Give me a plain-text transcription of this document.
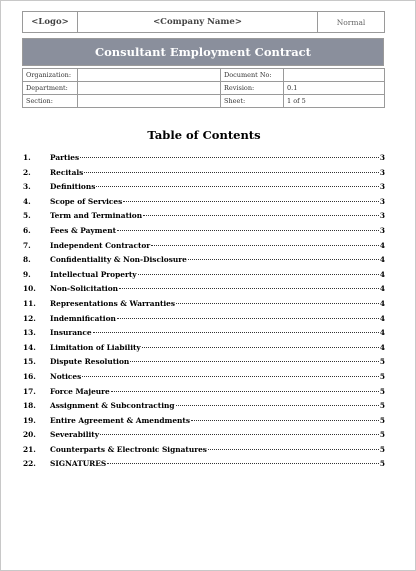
<Logo>	<Company Name>	Normal
Consultant Employment Contract
Organization:		Document No:	
Department:		Revision:	0.1
Section:		Sheet:	1 of 5
Table of Contents
1.	Parties	3
2.	Recitals	3
3.	Definitions	3
4.	Scope of Services	3
5.	Term and Termination	3
6.	Fees & Payment	3
7.	Independent Contractor	4
8.	Confidentiality & Non-Disclosure	4
9.	Intellectual Property	4
10.	Non-Solicitation	4
11.	Representations & Warranties	4
12.	Indemnification	4
13.	Insurance	4
14.	Limitation of Liability	4
15.	Dispute Resolution	5
16.	Notices	5
17.	Force Majeure	5
18.	Assignment & Subcontracting	5
19.	Entire Agreement & Amendments	5
20.	Severability	5
21.	Counterparts & Electronic Signatures	5
22.	SIGNATURES	5
